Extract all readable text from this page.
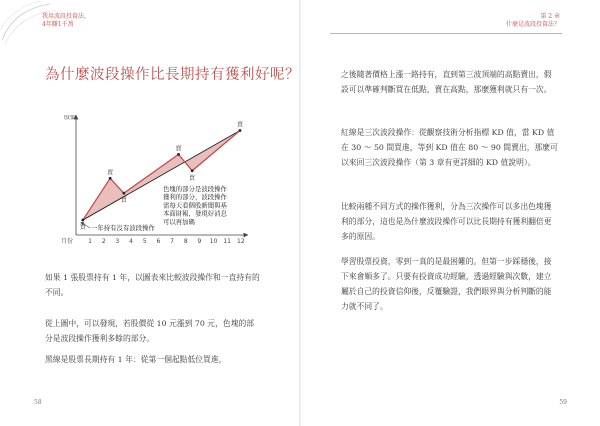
我用波段投資法，
4年賺1千萬
第 2 章
什麼是波段投資法？
為什麼波段操作比長期持有獲利好呢？
股價
月份	1 2 3 4 5 6 7 8 9 10 11 12
買
賣
買
賣
買
賣
色塊的部分是波段操作
獲利的部分，波段操作
需每天看個股新聞與基
本面財報，發現好消息
可以再加碼
一年持有沒有波段操作

如果 1 張股票持有 1 年，以圖表來比較波段操作和一直持有的不同。

從上圖中，可以發現，若股價從 10 元漲到 70 元，色塊的部分是波段操作獲利多餘的部分。

黑線是股票長期持有 1 年：從第一個起點低位買進，

58

之後隨著價格上漲一路持有，直到第三波頂端的高點賣出，假設可以準確判斷買在低點，賣在高點，那麼獲利就只有一次。

紅線是三次波段操作：從觀察技術分析指標 KD 值，當 KD 值在 30 ～ 50 間買進，等到 KD 值在 80 ～ 90 間賣出，那麼可以來回三次波段操作（第 3 章有更詳細的 KD 值說明）。

比較兩種不同方式的操作獲利，分為三次操作可以多出色塊獲利的部分，這也是為什麼波段操作可以比長期持有獲利翻倍更多的原因。

學習股票投資，零到一真的是最困難的。但第一步踩穩後，接下來會順多了。只要有投資成功經驗，透過經驗與次數，建立屬於自己的投資信仰後，反覆驗證，我們眼界與分析判斷的能力就不同了。

59
